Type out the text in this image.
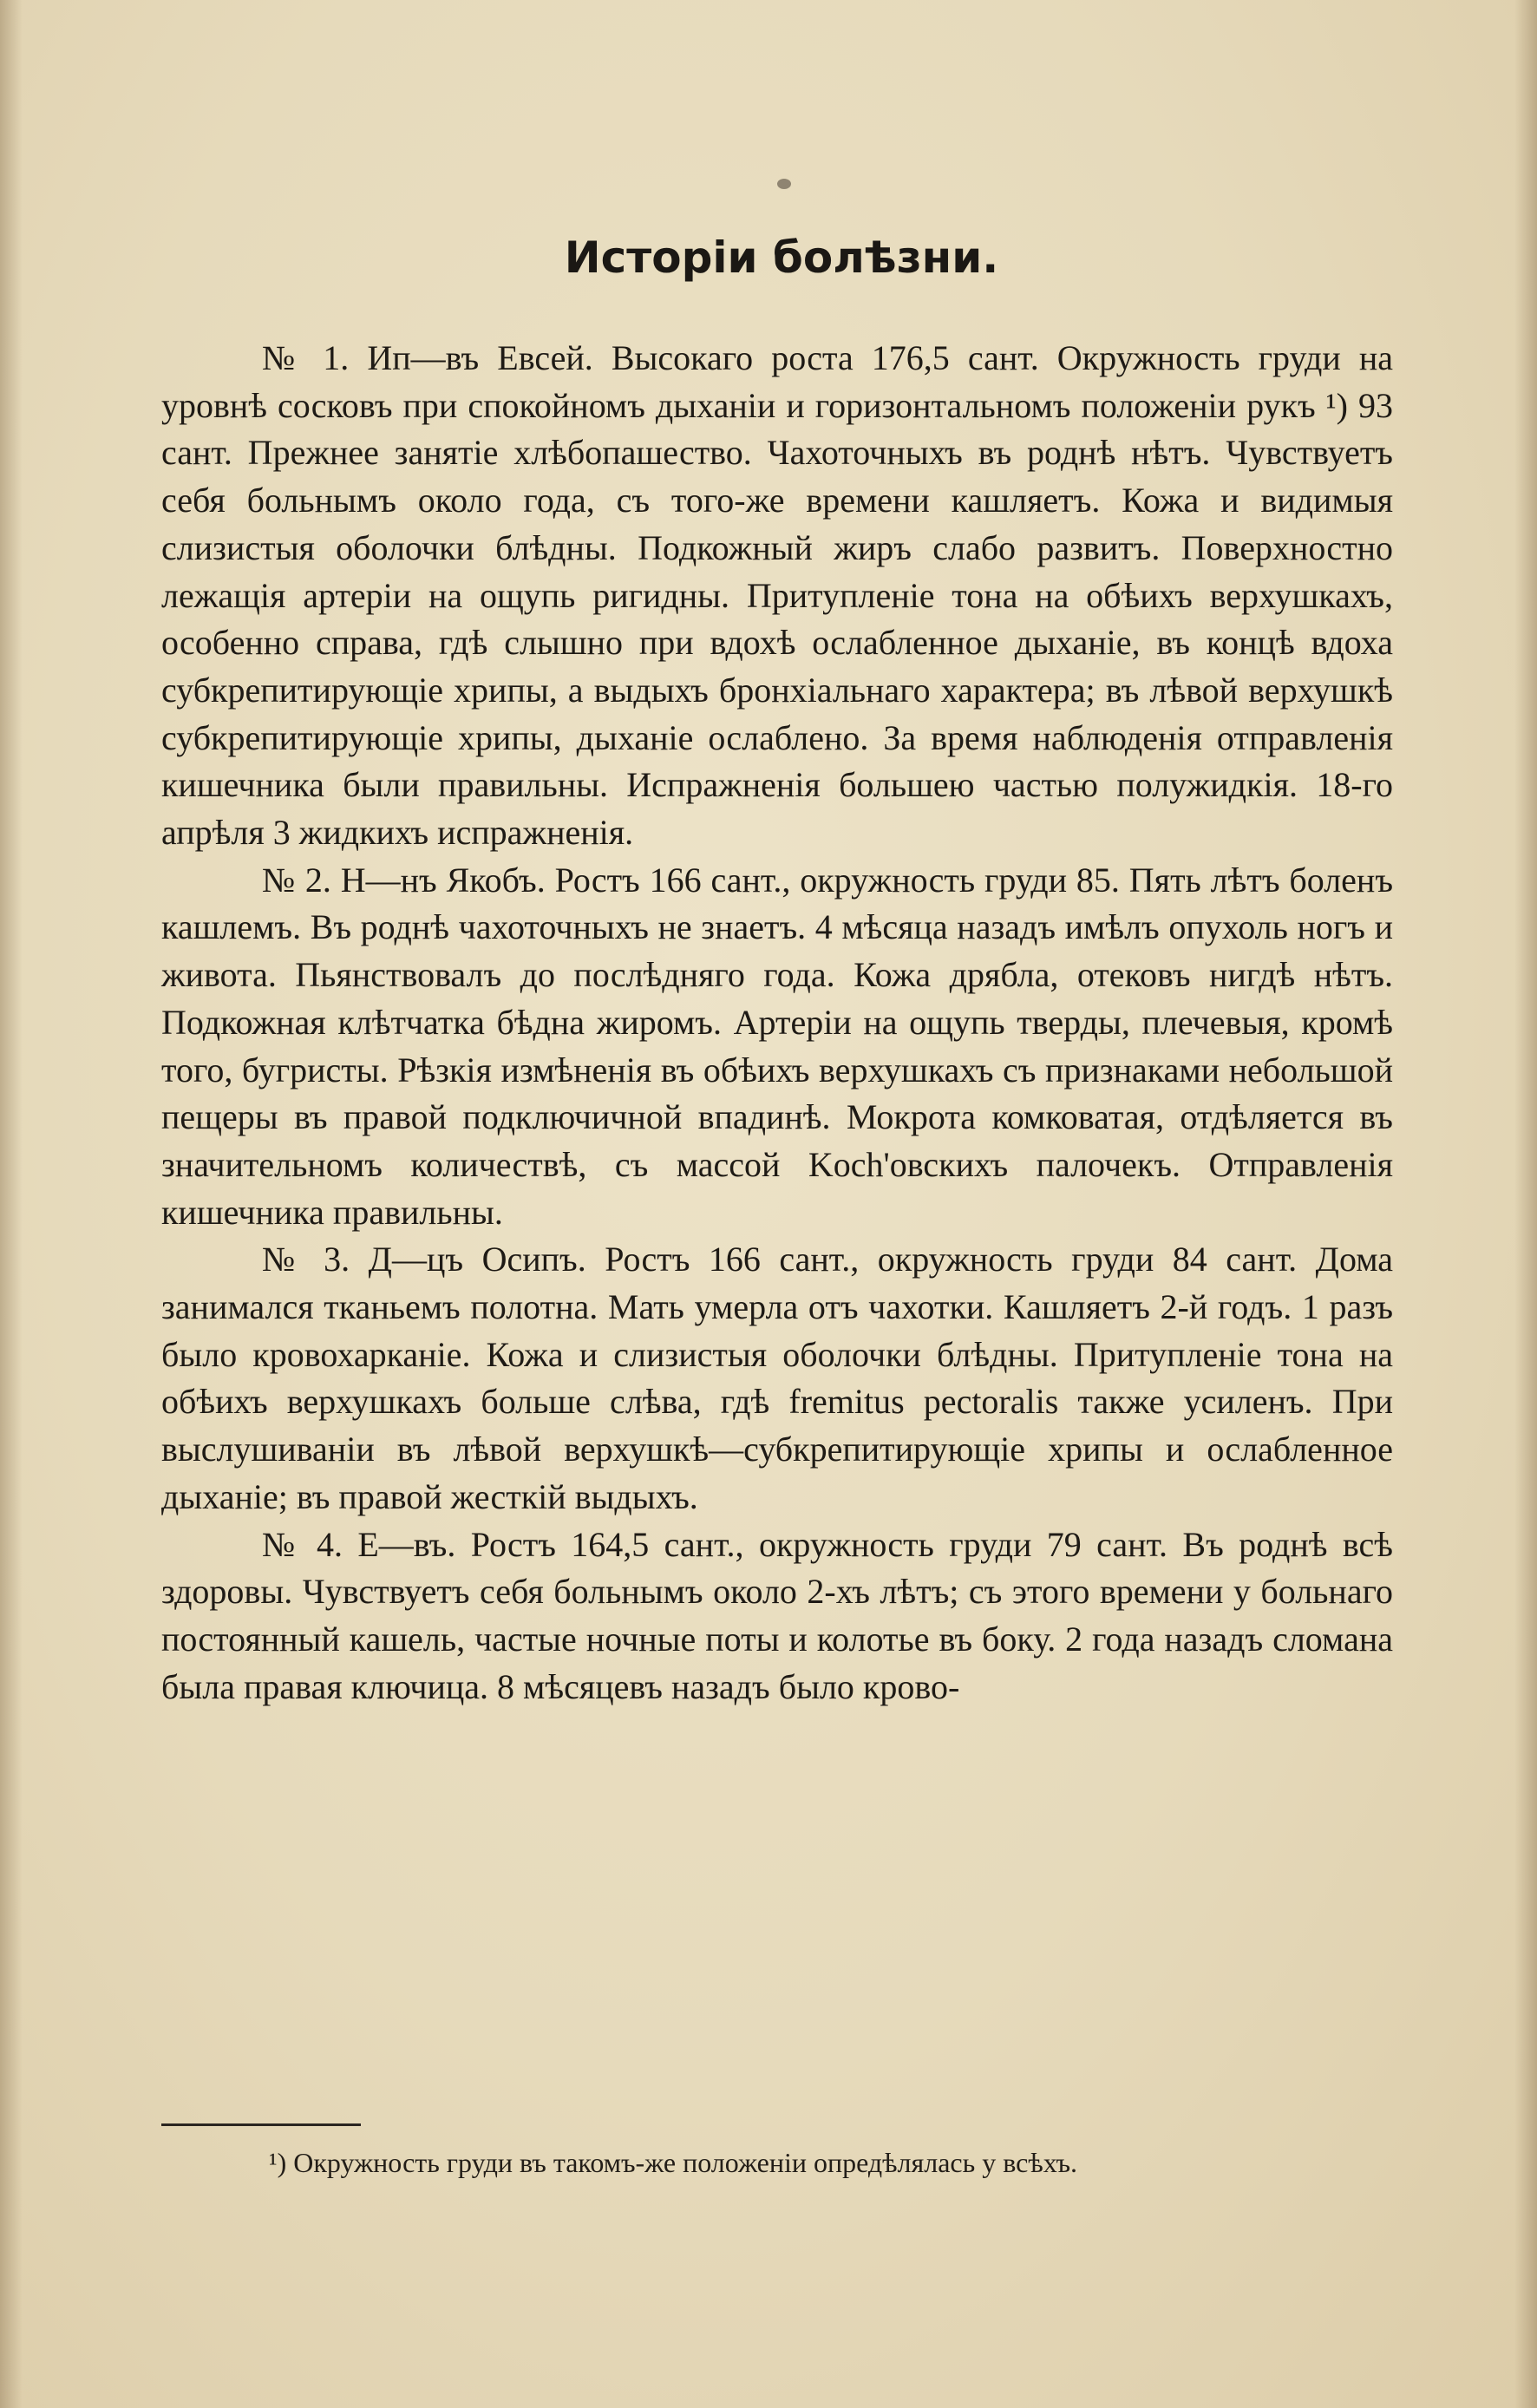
Исторіи болѣзни.

№ 1. Ип—въ Евсей. Высокаго роста 176,5 сант. Окружность груди на уровнѣ сосковъ при спокойномъ дыханіи и горизонтальномъ положеніи рукъ ¹) 93 сант. Прежнее занятіе хлѣбопашество. Чахоточныхъ въ роднѣ нѣтъ. Чувствуетъ себя больнымъ около года, съ того-же времени кашляетъ. Кожа и видимыя слизистыя оболочки блѣдны. Подкожный жиръ слабо развитъ. Поверхностно лежащія артеріи на ощупь ригидны. Притупленіе тона на обѣихъ верхушкахъ, особенно справа, гдѣ слышно при вдохѣ ослабленное дыханіе, въ концѣ вдоха субкрепитирующіе хрипы, а выдыхъ бронхіальнаго характера; въ лѣвой верхушкѣ субкрепитирующіе хрипы, дыханіе ослаблено. За время наблюденія отправленія кишечника были правильны. Испражненія большею частью полужидкія. 18-го апрѣля 3 жидкихъ испражненія.

№ 2. Н—нъ Якобъ. Ростъ 166 сант., окружность груди 85. Пять лѣтъ боленъ кашлемъ. Въ роднѣ чахоточныхъ не знаетъ. 4 мѣсяца назадъ имѣлъ опухоль ногъ и живота. Пьянствовалъ до послѣдняго года. Кожа дрябла, отековъ нигдѣ нѣтъ. Подкожная клѣтчатка бѣдна жиромъ. Артеріи на ощупь тверды, плечевыя, кромѣ того, бугристы. Рѣзкія измѣненія въ обѣихъ верхушкахъ съ признаками небольшой пещеры въ правой подключичной впадинѣ. Мокрота комковатая, отдѣляется въ значительномъ количествѣ, съ массой Koch'овскихъ палочекъ. Отправленія кишечника правильны.

№ 3. Д—цъ Осипъ. Ростъ 166 сант., окружность груди 84 сант. Дома занимался тканьемъ полотна. Мать умерла отъ чахотки. Кашляетъ 2-й годъ. 1 разъ было кровохарканіе. Кожа и слизистыя оболочки блѣдны. Притупленіе тона на обѣихъ верхушкахъ больше слѣва, гдѣ fremitus pectoralis также усиленъ. При выслушиваніи въ лѣвой верхушкѣ—субкрепитирующіе хрипы и ослабленное дыханіе; въ правой жесткій выдыхъ.

№ 4. Е—въ. Ростъ 164,5 сант., окружность груди 79 сант. Въ роднѣ всѣ здоровы. Чувствуетъ себя больнымъ около 2-хъ лѣтъ; съ этого времени у больнаго постоянный кашель, частые ночные поты и колотье въ боку. 2 года назадъ сломана была правая ключица. 8 мѣсяцевъ назадъ было крово-

¹) Окружность груди въ такомъ-же положеніи опредѣлялась у всѣхъ.
